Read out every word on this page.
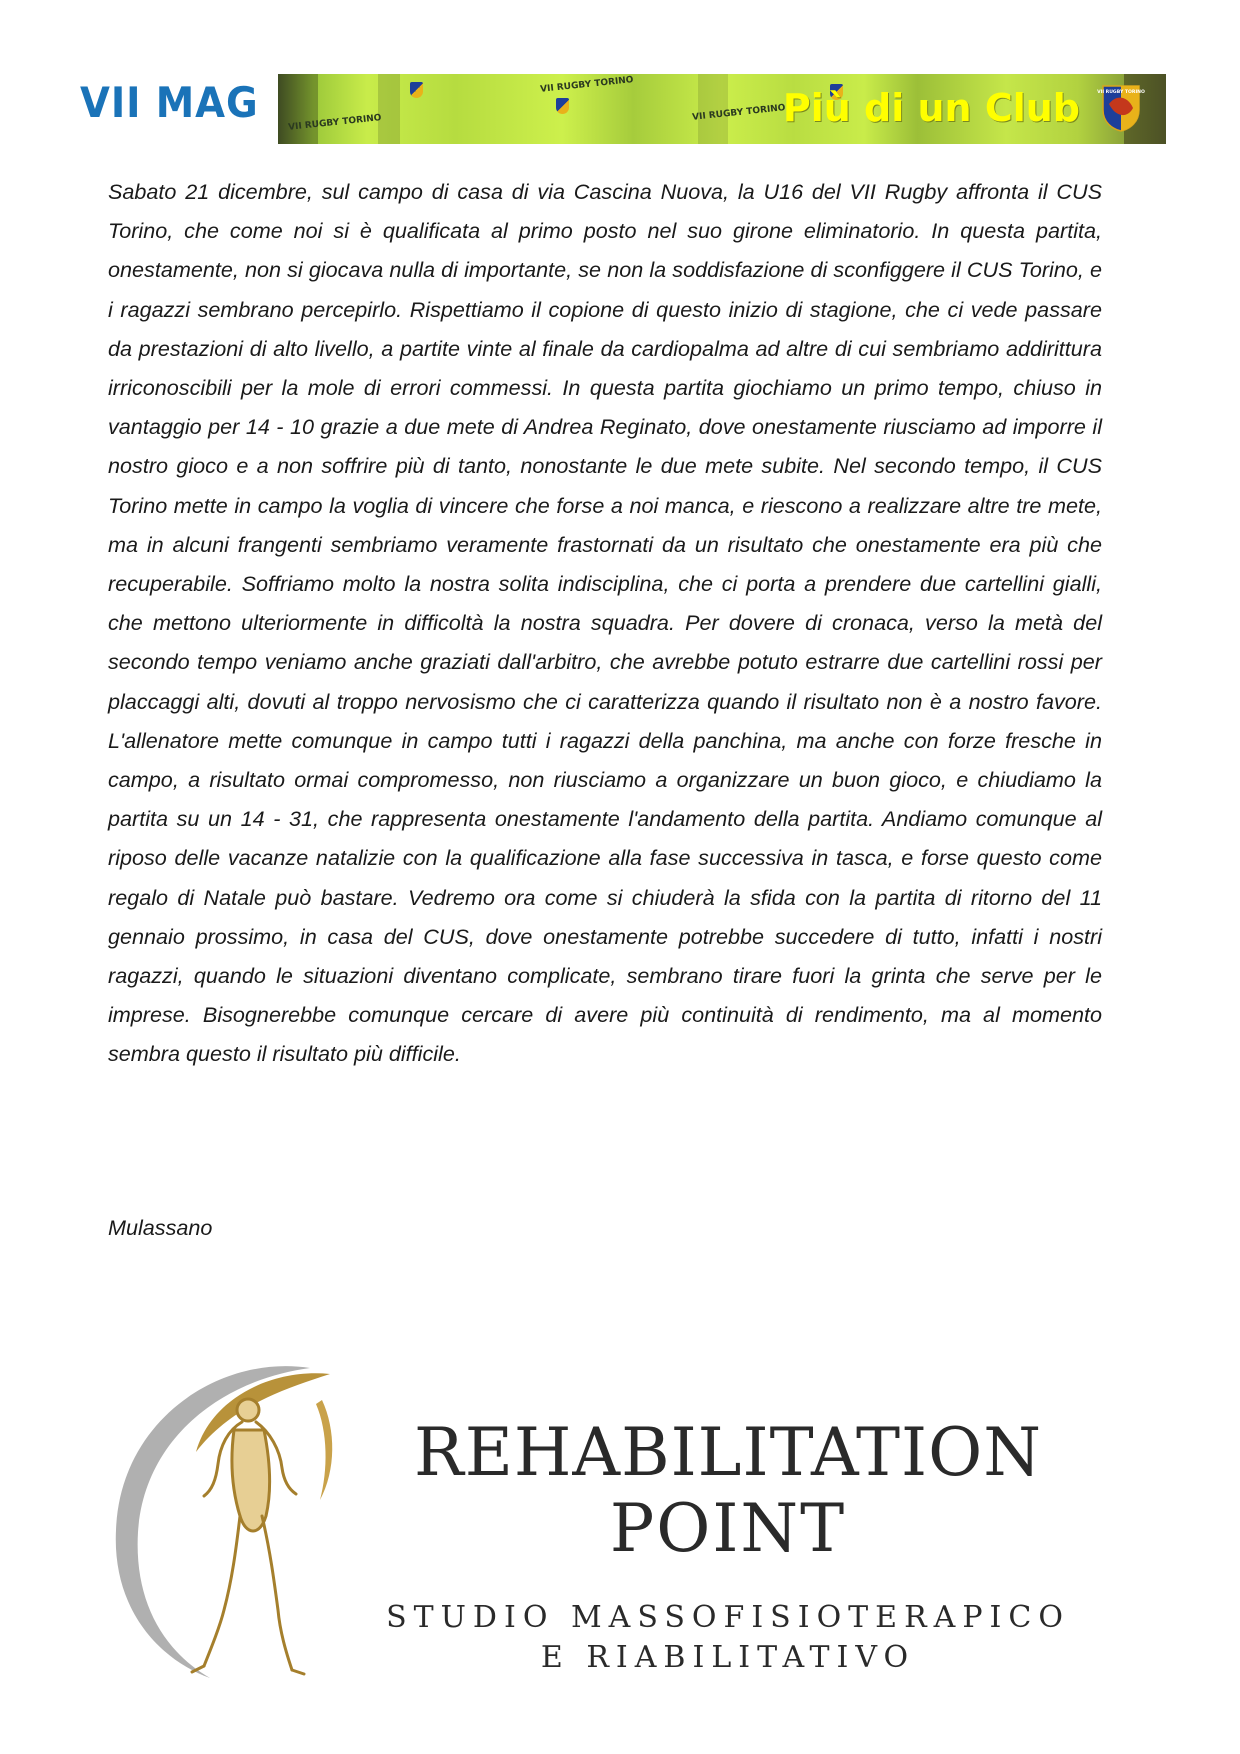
VII MAG	VII RUGBY TORINO
VII RUGBY TORINO
VII RUGBY TORINO
Più di un Club	VII RUGBY TORINO

Sabato 21 dicembre, sul campo di casa di via Cascina Nuova, la U16 del VII Rugby affronta il CUS Torino, che come noi si è qualificata al primo posto nel suo girone eliminatorio. In questa partita, onestamente, non si giocava nulla di importante, se non la soddisfazione di sconfiggere il CUS Torino, e i ragazzi sembrano percepirlo. Rispettiamo il copione di questo inizio di stagione, che ci vede passare da prestazioni di alto livello, a partite vinte al finale da cardiopalma ad altre di cui sembriamo addirittura irriconoscibili per la mole di errori commessi. In questa partita giochiamo un primo tempo, chiuso in vantaggio per 14 - 10 grazie a due mete di Andrea Reginato, dove onestamente riusciamo ad imporre il nostro gioco e a non soffrire più di tanto, nonostante le due mete subite. Nel secondo tempo, il CUS Torino mette in campo la voglia di vincere che forse a noi manca, e riescono a realizzare altre tre mete, ma in alcuni frangenti sembriamo veramente frastornati da un risultato che onestamente era più che recuperabile. Soffriamo molto la nostra solita indisciplina, che ci porta a prendere due cartellini gialli, che mettono ulteriormente in difficoltà la nostra squadra. Per dovere di cronaca, verso la metà del secondo tempo veniamo anche graziati dall'arbitro, che avrebbe potuto estrarre due cartellini rossi per placcaggi alti, dovuti al troppo nervosismo che ci caratterizza quando il risultato non è a nostro favore. L'allenatore mette comunque in campo tutti i ragazzi della panchina, ma anche con forze fresche in campo, a risultato ormai compromesso, non riusciamo a organizzare un buon gioco, e chiudiamo la partita su un 14 - 31, che rappresenta onestamente l'andamento della partita. Andiamo comunque al riposo delle vacanze natalizie con la qualificazione alla fase successiva in tasca, e forse questo come regalo di Natale può bastare. Vedremo ora come si chiuderà la sfida con la partita di ritorno del 11 gennaio prossimo, in casa del CUS, dove onestamente potrebbe succedere di tutto, infatti i nostri ragazzi, quando le situazioni diventano complicate, sembrano tirare fuori la grinta che serve per le imprese. Bisognerebbe comunque cercare di avere più continuità di rendimento, ma al momento sembra questo il risultato più difficile.

Mulassano
REHABILITATION
POINT
STUDIO MASSOFISIOTERAPICO
E RIABILITATIVO
